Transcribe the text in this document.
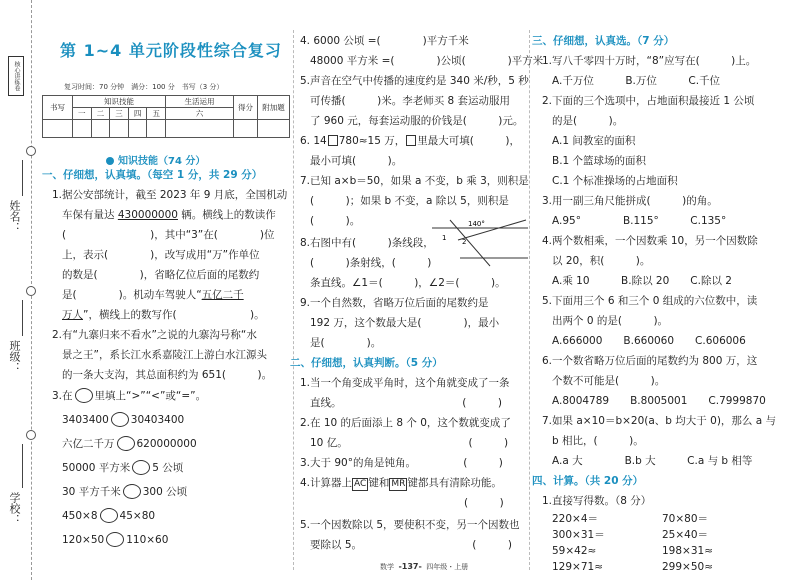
核心讲练卷
姓名：
班级：
学校：
第 1~4 单元阶段性综合复习
复习时间：70 分钟　满分：100 分　书写（3 分）
书写	知识技能					生活运用	得分	附加题
	一	二	三	四	五	六		

知识技能（74 分）
一、仔细想，认真填。（每空 1 分，共 29 分）
1.据公安部统计，截至 2023 年 9 月底，全国机动
车保有量达 430000000 辆。横线上的数读作
(　　　　　　　　)，其中“3”在(　　　　)位
上，表示(　　　　)，改写成用“万”作单位
的数是(　　　　)，省略亿位后面的尾数约
是(　　　　)。机动车驾驶人“五亿二千
万人”，横线上的数写作(　　　　　　　)。
2.有“九寨归来不看水”之说的九寨沟号称“水
景之王”，系长江水系嘉陵江上游白水江源头
的一条大支沟，其总面积约为 651(　　　)。
3.在 里填上“>”“<”或“=”。
3403400 30403400
六亿二千万 620000000
50000 平方米 5 公顷
30 平方千米 300 公顷
450×8 45×80
120×50 110×60
4. 6000 公顷 =(　　　　)平方千米
48000 平方米 =(　　　　)公顷(　　　　)平方米
5.声音在空气中传播的速度约是 340 米/秒，5 秒
可传播(　　　)米。李老师买 8 套运动服用
了 960 元，每套运动服的价钱是(　　　)元。
6. 14 780≈15 万， 里最大可填(　　　)，
最小可填(　　　)。
7.已知 a×b＝50，如果 a 不变，b 乘 3，则积是
(　　　)；如果 b 不变，a 除以 5，则积是
(　　　)。
8.右图中有(　　　)条线段，
(　　　)条射线，(　　　)
条直线。∠1＝(　　　)，∠2＝(　　　)。
140°
1 2
9.一个自然数，省略万位后面的尾数约是
192 万，这个数最大是(　　　　)，最小
是(　　　　)。
二、仔细想，认真判断。（5 分）
1.当一个角变成平角时，这个角就变成了一条
直线。　　　　　　　　　　　　(　　　)
2.在 10 的后面添上 8 个 0，这个数就变成了
10 亿。　　　　　　　　　　　　(　　　)
3.大于 90°的角是钝角。　　　　　(　　　)
4.计算器上 AC 键和 MR 键都具有清除功能。
(　　　)
5.一个因数除以 5，要使积不变，另一个因数也
要除以 5。　　　　　　　　　　　(　　　)
三、仔细想，认真选。（7 分）
1.写八千零四十万时，“8”应写在(　　　)上。
A.千万位　　　B.万位　　　C.千位
2.下面的三个选项中，占地面积最接近 1 公顷
的是(　　　)。
A.1 间教室的面积
B.1 个篮球场的面积
C.1 个标准操场的占地面积
3.用一副三角尺能拼成(　　　)的角。
A.95°　　　　B.115°　　　C.135°
4.两个数相乘，一个因数乘 10，另一个因数除
以 20，积(　　　)。
A.乘 10　　　B.除以 20　　C.除以 2
5.下面用三个 6 和三个 0 组成的六位数中，读
出两个 0 的是(　　　)。
A.666000　　B.660060　　C.606006
6.一个数省略万位后面的尾数约为 800 万，这
个数不可能是(　　　)。
A.8004789　　B.8005001　　C.7999870
7.如果 a×10＝b×20(a、b 均大于 0)，那么 a 与
b 相比，(　　　)。
A.a 大　　　　B.b 大　　　C.a 与 b 相等
四、计算。（共 20 分）
1.直接写得数。（8 分）
220×4＝	70×80＝
300×31＝	25×40＝
59×42≈	198×31≈
129×71≈	299×50≈
数学 -137- 四年级・上册
